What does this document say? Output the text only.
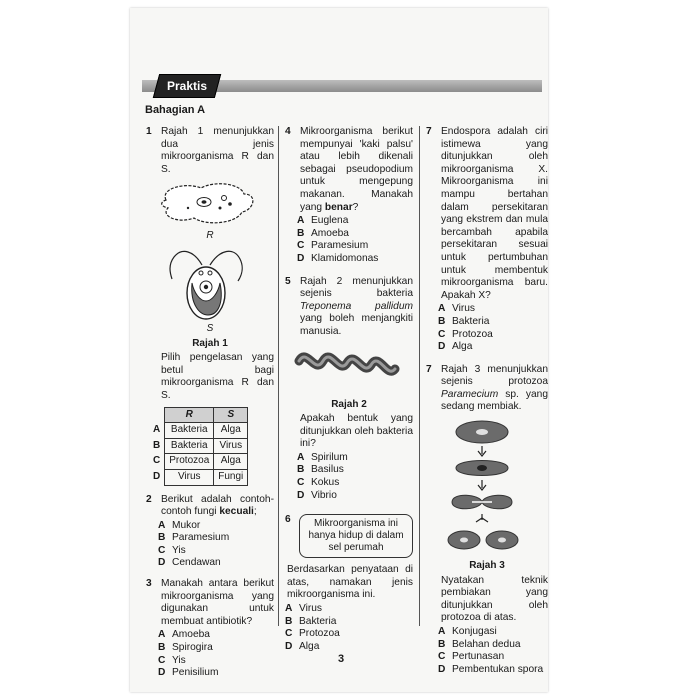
Praktis
Bahagian A
1 Rajah 1 menunjukkan dua jenis mikroorganisma R dan S.
R
S
Rajah 1
Pilih pengelasan yang betul bagi mikroorganisma R dan S.
	R	S
A	Bakteria	Alga
B	Bakteria	Virus
C	Protozoa	Alga
D	Virus	Fungi
2 Berikut adalah contoh-contoh fungi kecuali;
A Mukor
B Paramesium
C Yis
D Cendawan
3 Manakah antara berikut mikroorganisma yang digunakan untuk membuat antibiotik?
A Amoeba
B Spirogira
C Yis
D Penisilium
4 Mikroorganisma berikut mempunyai 'kaki palsu' atau lebih dikenali sebagai pseudopodium untuk mengepung makanan. Manakah yang benar?
A Euglena
B Amoeba
C Paramesium
D Klamidomonas
5 Rajah 2 menunjukkan sejenis bakteria Treponema pallidum yang boleh menjangkiti manusia.
Rajah 2
Apakah bentuk yang ditunjukkan oleh bakteria ini?
A Spirilum
B Basilus
C Kokus
D Vibrio
6	Mikroorganisma ini hanya hidup di dalam sel perumah
Berdasarkan penyataan di atas, namakan jenis mikroorganisma ini.
A Virus
B Bakteria
C Protozoa
D Alga
7 Endospora adalah ciri istimewa yang ditunjukkan oleh mikroorganisma X. Mikroorganisma ini mampu bertahan dalam persekitaran yang ekstrem dan mula bercambah apabila persekitaran sesuai untuk pertumbuhan untuk membentuk mikroorganisma baru. Apakah X?
A Virus
B Bakteria
C Protozoa
D Alga
7 Rajah 3 menunjukkan sejenis protozoa Paramecium sp. yang sedang membiak.
Rajah 3
Nyatakan teknik pembiakan yang ditunjukkan oleh protozoa di atas.
A Konjugasi
B Belahan dedua
C Pertunasan
D Pembentukan spora
3
